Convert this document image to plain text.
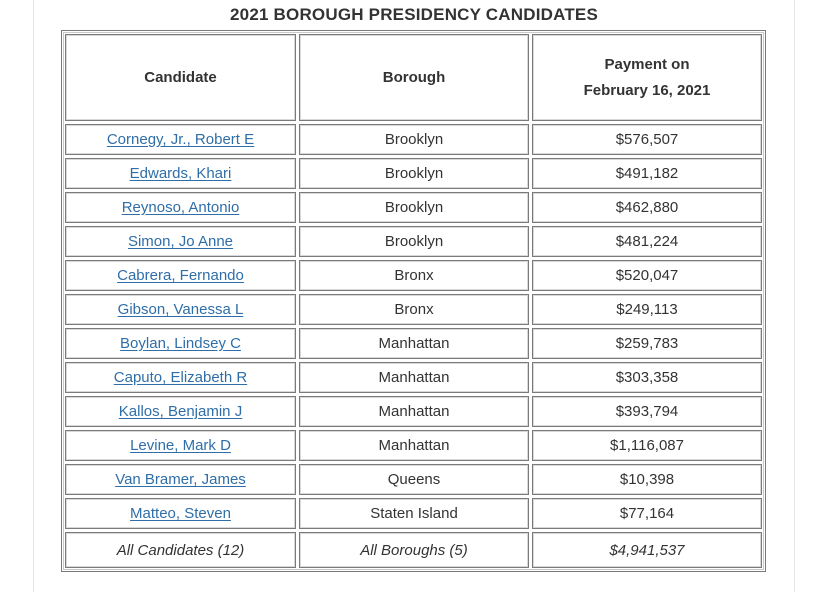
2021 BOROUGH PRESIDENCY CANDIDATES
Candidate	Borough	Payment on
February 16, 2021

Cornegy, Jr., Robert E	Brooklyn	$576,507
Edwards, Khari	Brooklyn	$491,182
Reynoso, Antonio	Brooklyn	$462,880
Simon, Jo Anne	Brooklyn	$481,224
Cabrera, Fernando	Bronx	$520,047
Gibson, Vanessa L	Bronx	$249,113
Boylan, Lindsey C	Manhattan	$259,783
Caputo, Elizabeth R	Manhattan	$303,358
Kallos, Benjamin J	Manhattan	$393,794
Levine, Mark D	Manhattan	$1,116,087
Van Bramer, James	Queens	$10,398
Matteo, Steven	Staten Island	$77,164
All Candidates (12)	All Boroughs (5)	$4,941,537
